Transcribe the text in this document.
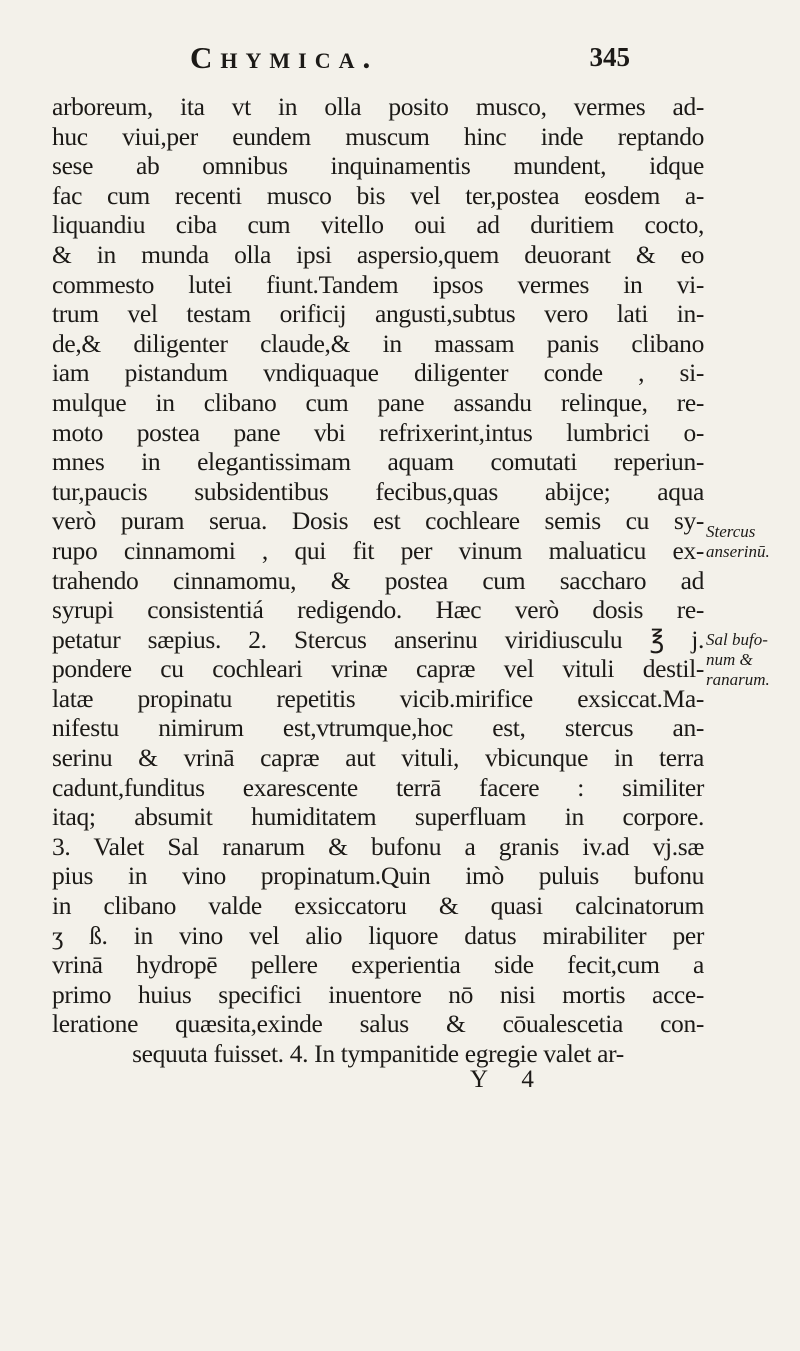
Chymica.	345
arboreum, ita vt in olla posito musco, vermes ad-
huc viui,per eundem muscum hinc inde reptando
sese ab omnibus inquinamentis mundent, idque
fac cum recenti musco bis vel ter,postea eosdem a-
liquandiu ciba cum vitello oui ad duritiem cocto,
& in munda olla ipsi aspersio,quem deuorant & eo
commesto lutei fiunt.Tandem ipsos vermes in vi-
trum vel testam orificij angusti,subtus vero lati in-
de,& diligenter claude,& in massam panis clibano
iam pistandum vndiquaque diligenter conde , si-
mulque in clibano cum pane assandu relinque, re-
moto postea pane vbi refrixerint,intus lumbrici o-
mnes in elegantissimam aquam comutati reperiun-
tur,paucis subsidentibus fecibus,quas abijce; aqua
verò puram serua. Dosis est cochleare semis cu sy-
rupo cinnamomi , qui fit per vinum maluaticu ex-
trahendo cinnamomu, & postea cum saccharo ad
syrupi consistentiá redigendo. Hæc verò dosis re-
petatur sæpius. 2. Stercus anserinu viridiusculu ℥ j.
pondere cu cochleari vrinæ capræ vel vituli destil-
latæ propinatu repetitis vicib.mirifice exsiccat.Ma-
nifestu nimirum est,vtrumque,hoc est, stercus an-
serinu & vrinā capræ aut vituli, vbicunque in terra
cadunt,funditus exarescente terrā facere : similiter
itaq; absumit humiditatem superfluam in corpore.
3. Valet Sal ranarum & bufonu a granis iv.ad vj.sæ
pius in vino propinatum.Quin imò puluis bufonu
in clibano valde exsiccatoru & quasi calcinatorum
ʒ ß. in vino vel alio liquore datus mirabiliter per
vrinā hydropē pellere experientia side fecit,cum a
primo huius specifici inuentore nō nisi mortis acce-
leratione quæsita,exinde salus & cōualescetia con-
sequuta fuisset. 4. In tympanitide egregie valet ar-
Stercus
anserinū.
Sal bufo-
num &
ranarum.
Y 4
